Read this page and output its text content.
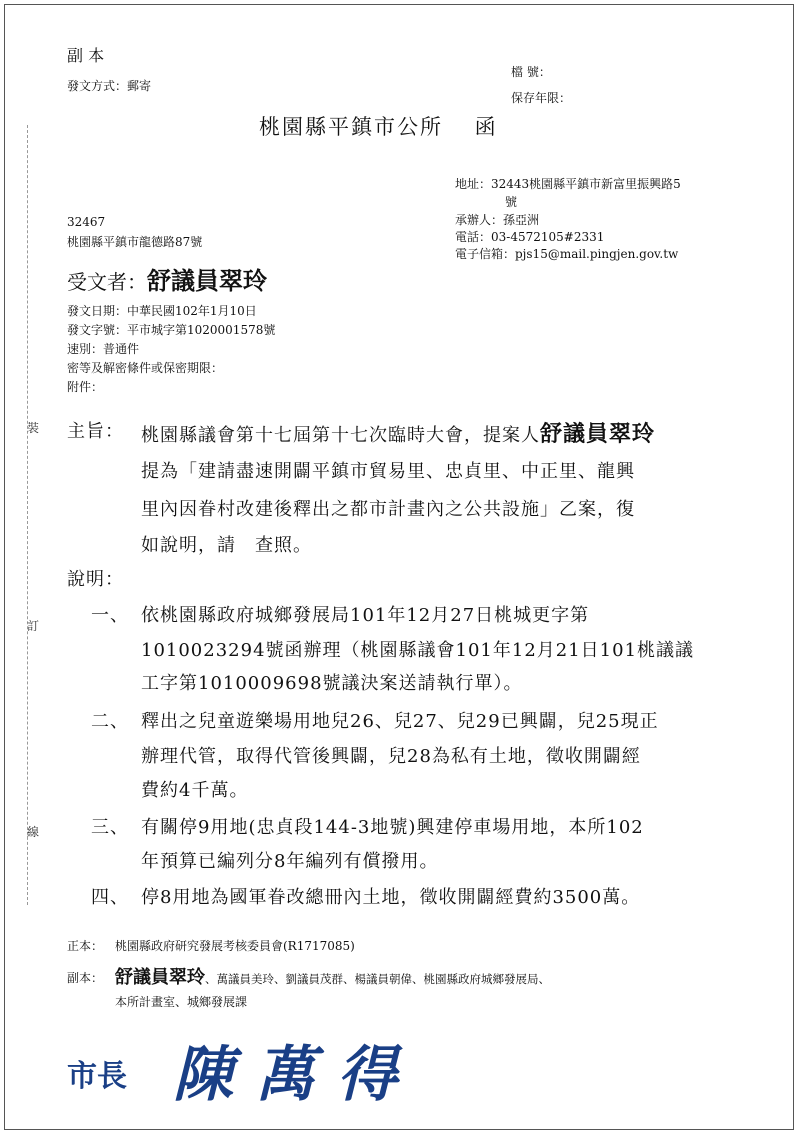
裝
訂
線
副 本
發文方式：郵寄
檔 號：
保存年限：
桃園縣平鎮市公所　 函
地址：32443桃園縣平鎮市新富里振興路5
號
承辦人：孫亞洲
電話：03-4572105#2331
電子信箱：pjs15@mail.pingjen.gov.tw
32467
桃園縣平鎮市龍德路87號
受文者：舒議員翠玲
發文日期：中華民國102年1月10日
發文字號：平市城字第1020001578號
速別：普通件
密等及解密條件或保密期限：
附件：
主旨： 桃園縣議會第十七屆第十七次臨時大會，提案人舒議員翠玲
提為「建請盡速開闢平鎮市貿易里、忠貞里、中正里、龍興
里內因眷村改建後釋出之都市計畫內之公共設施」乙案，復
如說明，請　查照。
說明：
一、 依桃園縣政府城鄉發展局101年12月27日桃城更字第
1010023294號函辦理（桃園縣議會101年12月21日101桃議議
工字第1010009698號議決案送請執行單）。
二、 釋出之兒童遊樂場用地兒26、兒27、兒29已興闢，兒25現正
辦理代管，取得代管後興闢，兒28為私有土地，徵收開闢經
費約4千萬。
三、 有關停9用地(忠貞段144-3地號)興建停車場用地，本所102
年預算已編列分8年編列有償撥用。
四、 停8用地為國軍眷改總冊內土地，徵收開闢經費約3500萬。
正本： 桃園縣政府研究發展考核委員會(R1717085)
副本： 舒議員翠玲、萬議員美玲、劉議員茂群、楊議員朝偉、桃園縣政府城鄉發展局、
本所計畫室、城鄉發展課
市長 陳萬得
